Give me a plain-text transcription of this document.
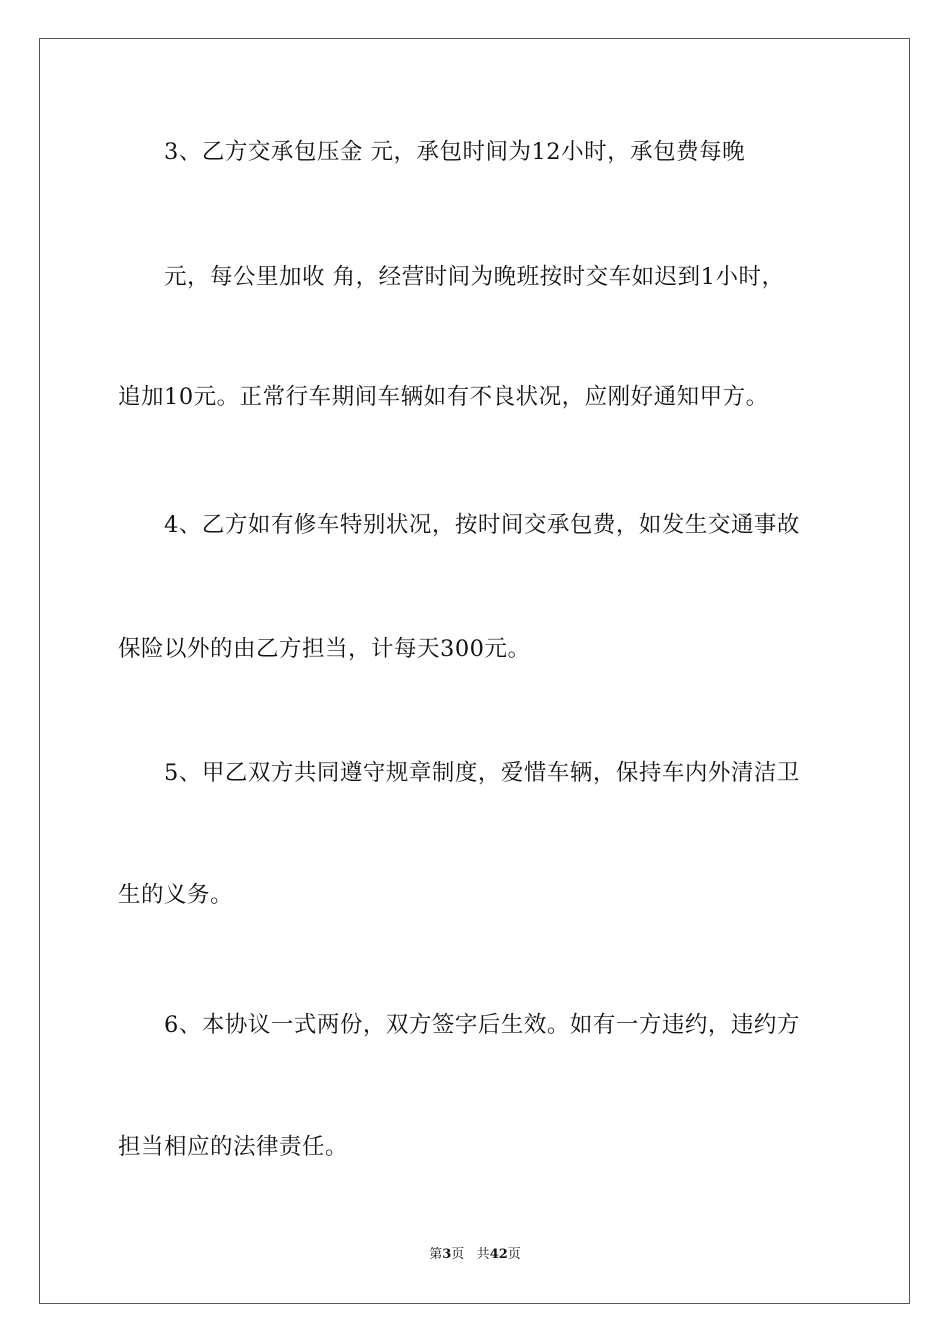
3、乙方交承包压金 元，承包时间为12小时，承包费每晚
元，每公里加收 角，经营时间为晚班按时交车如迟到1小时，
追加10元。正常行车期间车辆如有不良状况，应刚好通知甲方。
4、乙方如有修车特别状况，按时间交承包费，如发生交通事故
保险以外的由乙方担当，计每天300元。
5、甲乙双方共同遵守规章制度，爱惜车辆，保持车内外清洁卫
生的义务。
6、本协议一式两份，双方签字后生效。如有一方违约，违约方
担当相应的法律责任。
第3页 共42页
